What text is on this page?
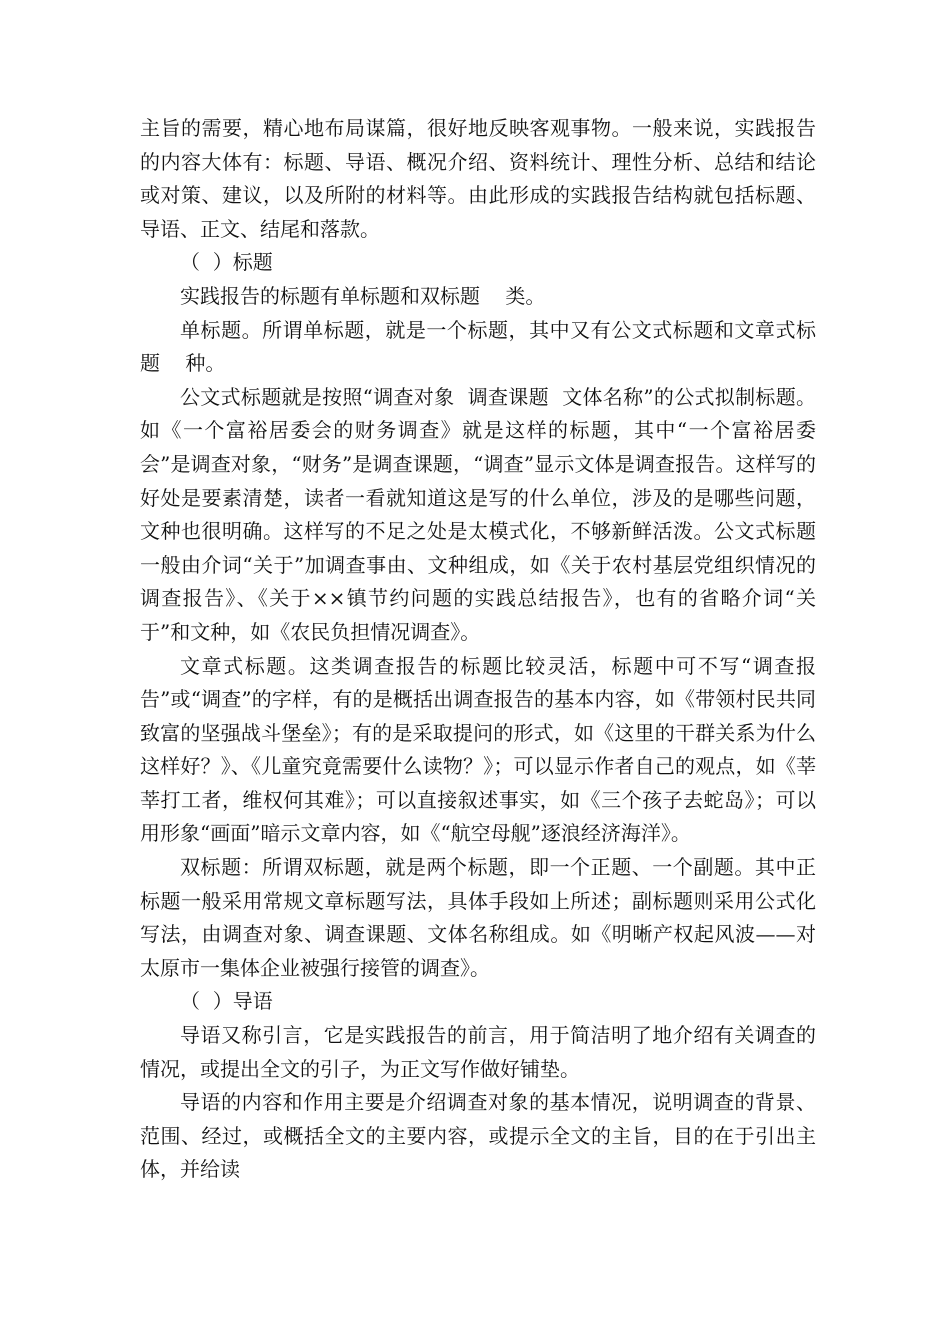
主旨的需要，精心地布局谋篇，很好地反映客观事物。一般来说，实践报告的内容大体有：标题、导语、概况介绍、资料统计、理性分析、总结和结论或对策、建议，以及所附的材料等。由此形成的实践报告结构就包括标题、导语、正文、结尾和落款。

（  ）标题

实践报告的标题有单标题和双标题    类。

单标题。所谓单标题，就是一个标题，其中又有公文式标题和文章式标题    种。

公文式标题就是按照“调查对象  调查课题  文体名称”的公式拟制标题。如《一个富裕居委会的财务调查》就是这样的标题，其中“一个富裕居委会”是调查对象，“财务”是调查课题，“调查”显示文体是调查报告。这样写的好处是要素清楚，读者一看就知道这是写的什么单位，涉及的是哪些问题，文种也很明确。这样写的不足之处是太模式化，不够新鲜活泼。公文式标题一般由介词“关于”加调查事由、文种组成，如《关于农村基层党组织情况的调查报告》、《关于××镇节约问题的实践总结报告》，也有的省略介词“关于”和文种，如《农民负担情况调查》。

文章式标题。这类调查报告的标题比较灵活，标题中可不写“调查报告”或“调查”的字样，有的是概括出调查报告的基本内容，如《带领村民共同致富的坚强战斗堡垒》；有的是采取提问的形式，如《这里的干群关系为什么这样好？》、《儿童究竟需要什么读物？》；可以显示作者自己的观点，如《莘莘打工者，维权何其难》；可以直接叙述事实，如《三个孩子去蛇岛》；可以用形象“画面”暗示文章内容，如《“航空母舰”逐浪经济海洋》。

双标题：所谓双标题，就是两个标题，即一个正题、一个副题。其中正标题一般采用常规文章标题写法，具体手段如上所述；副标题则采用公式化写法，由调查对象、调查课题、文体名称组成。如《明晰产权起风波——对太原市一集体企业被强行接管的调查》。

（  ）导语

导语又称引言，它是实践报告的前言，用于简洁明了地介绍有关调查的情况，或提出全文的引子，为正文写作做好铺垫。

导语的内容和作用主要是介绍调查对象的基本情况，说明调查的背景、范围、经过，或概括全文的主要内容，或提示全文的主旨，目的在于引出主体，并给读
